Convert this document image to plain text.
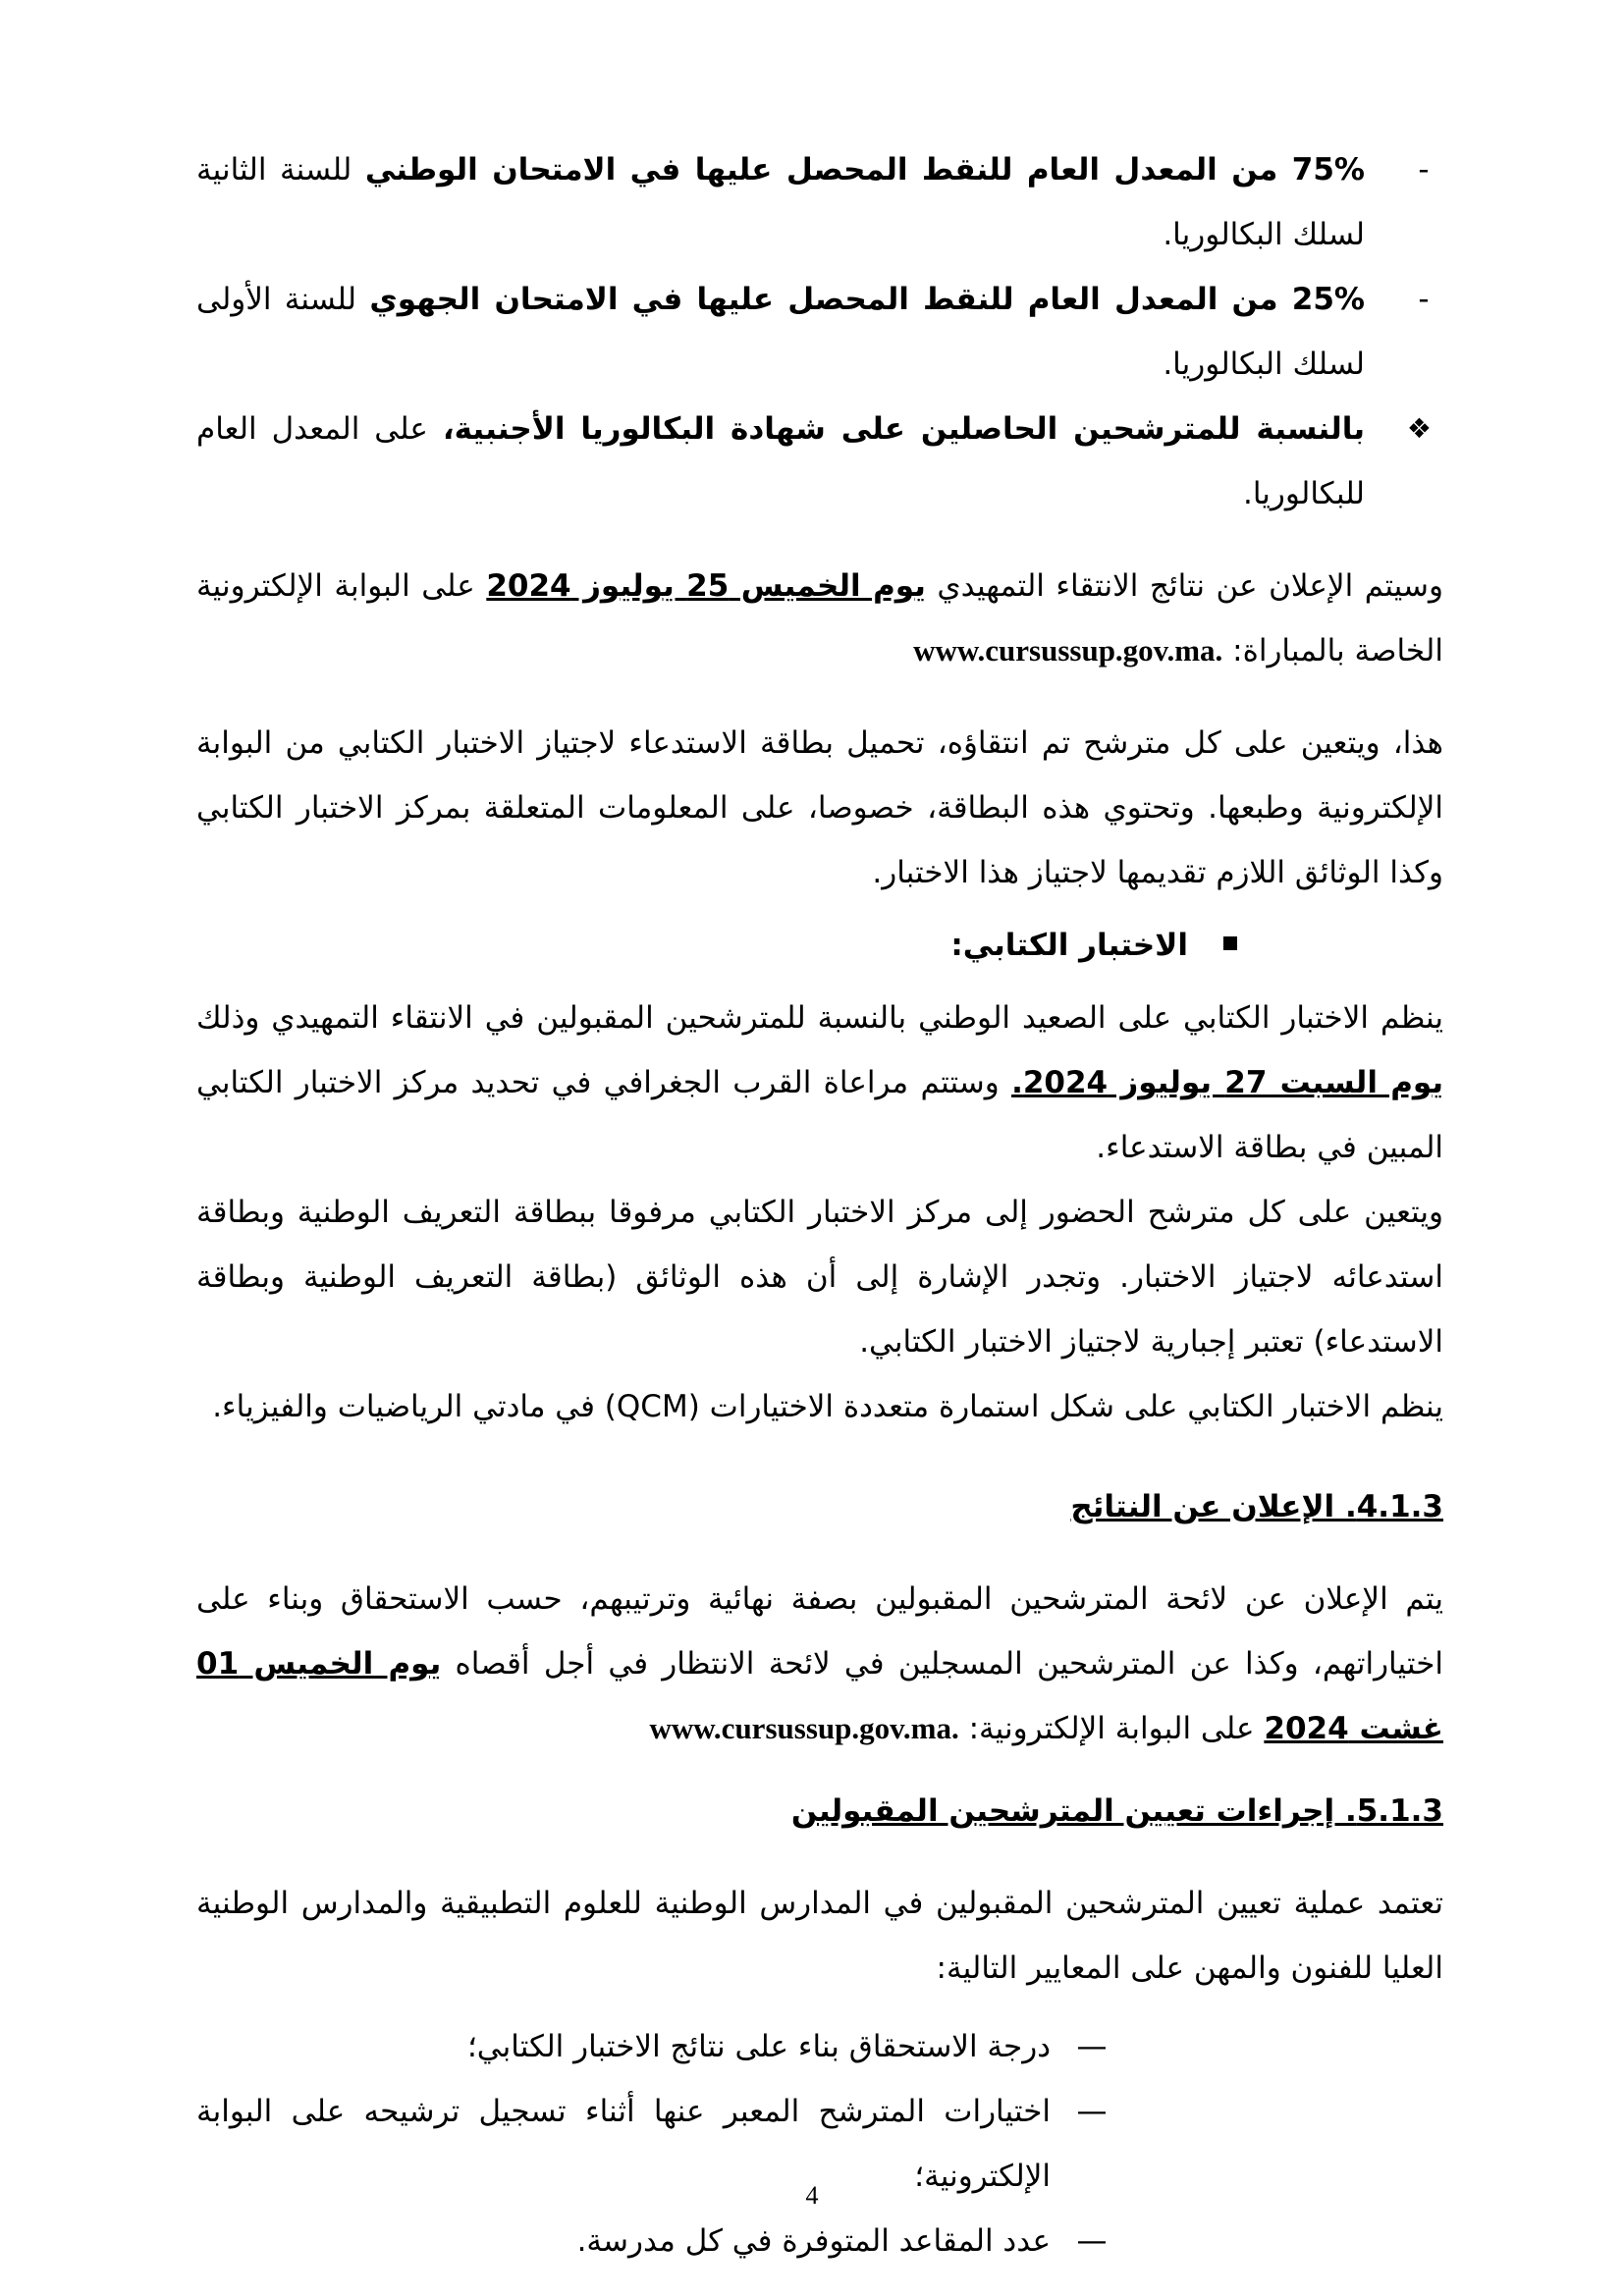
-
75% من المعدل العام للنقط المحصل عليها في الامتحان الوطني للسنة الثانية لسلك البكالوريا.
-
25% من المعدل العام للنقط المحصل عليها في الامتحان الجهوي للسنة الأولى لسلك البكالوريا.
❖
بالنسبة للمترشحين الحاصلين على شهادة البكالوريا الأجنبية، على المعدل العام للبكالوريا.

وسيتم الإعلان عن نتائج الانتقاء التمهيدي يوم الخميس 25 يوليوز 2024 على البوابة الإلكترونية الخاصة بالمباراة: www.cursussup.gov.ma.

هذا، ويتعين على كل مترشح تم انتقاؤه، تحميل بطاقة الاستدعاء لاجتياز الاختبار الكتابي من البوابة الإلكترونية وطبعها. وتحتوي هذه البطاقة، خصوصا، على المعلومات المتعلقة بمركز الاختبار الكتابي وكذا الوثائق اللازم تقديمها لاجتياز هذا الاختبار.

الاختبار الكتابي:

ينظم الاختبار الكتابي على الصعيد الوطني بالنسبة للمترشحين المقبولين في الانتقاء التمهيدي وذلك يوم السبت 27 يوليوز 2024. وستتم مراعاة القرب الجغرافي في تحديد مركز الاختبار الكتابي المبين في بطاقة الاستدعاء.

ويتعين على كل مترشح الحضور إلى مركز الاختبار الكتابي مرفوقا ببطاقة التعريف الوطنية وبطاقة استدعائه لاجتياز الاختبار. وتجدر الإشارة إلى أن هذه الوثائق (بطاقة التعريف الوطنية وبطاقة الاستدعاء) تعتبر إجبارية لاجتياز الاختبار الكتابي.

ينظم الاختبار الكتابي على شكل استمارة متعددة الاختيارات (QCM) في مادتي الرياضيات والفيزياء.

4.1.3. الإعلان عن النتائج

يتم الإعلان عن لائحة المترشحين المقبولين بصفة نهائية وترتيبهم، حسب الاستحقاق وبناء على اختياراتهم، وكذا عن المترشحين المسجلين في لائحة الانتظار في أجل أقصاه يوم الخميس 01 غشت 2024 على البوابة الإلكترونية: www.cursussup.gov.ma.

5.1.3. إجراءات تعيين المترشحين المقبولين

تعتمد عملية تعيين المترشحين المقبولين في المدارس الوطنية للعلوم التطبيقية والمدارس الوطنية العليا للفنون والمهن على المعايير التالية:

—
درجة الاستحقاق بناء على نتائج الاختبار الكتابي؛
—
اختيارات المترشح المعبر عنها أثناء تسجيل ترشيحه على البوابة الإلكترونية؛
—
عدد المقاعد المتوفرة في كل مدرسة.
4
